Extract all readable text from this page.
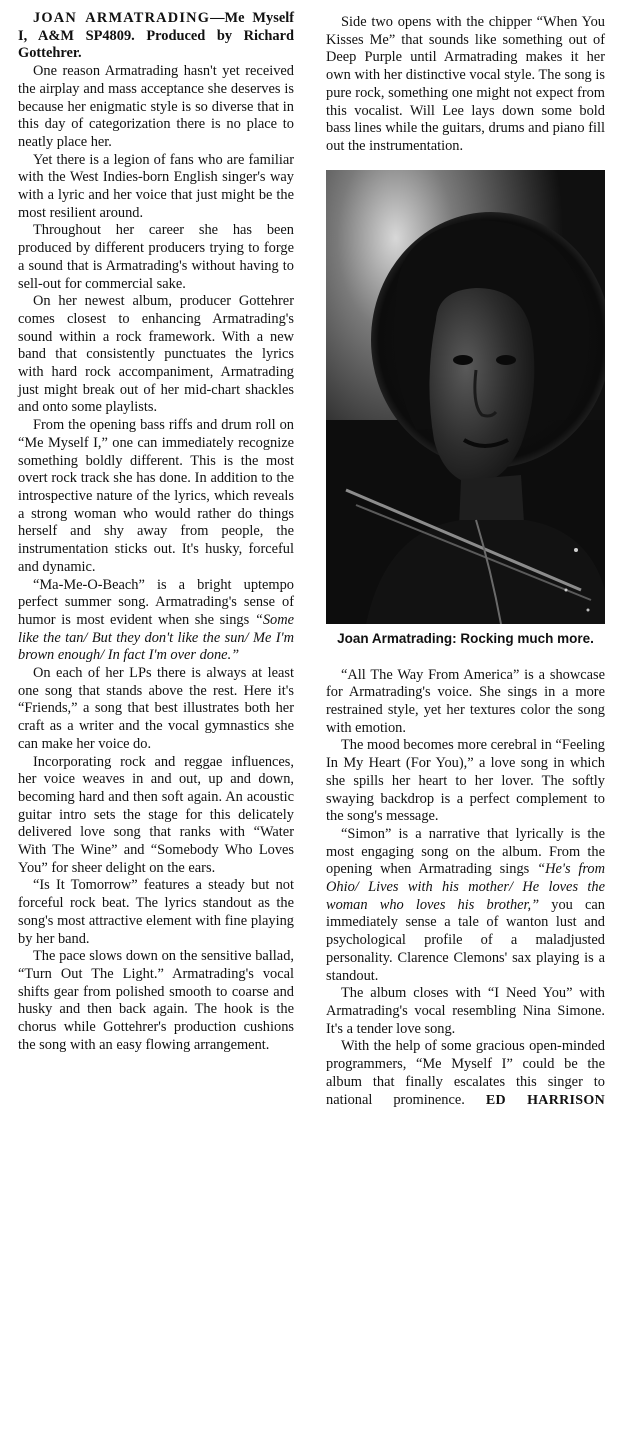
JOAN ARMATRADING—Me Myself I, A&M SP4809. Produced by Richard Gottehrer.

One reason Armatrading hasn't yet received the airplay and mass acceptance she deserves is because her enigmatic style is so diverse that in this day of categorization there is no place to neatly place her.

Yet there is a legion of fans who are familiar with the West Indies-born English singer's way with a lyric and her voice that just might be the most resilient around.

Throughout her career she has been produced by different producers trying to forge a sound that is Armatrading's without having to sell-out for commercial sake.

On her newest album, producer Gottehrer comes closest to enhancing Armatrading's sound within a rock framework. With a new band that consistently punctuates the lyrics with hard rock accompaniment, Armatrading just might break out of her mid-chart shackles and onto some playlists.

From the opening bass riffs and drum roll on “Me Myself I,” one can immediately recognize something boldly different. This is the most overt rock track she has done. In addition to the introspective nature of the lyrics, which reveals a strong woman who would rather do things herself and shy away from people, the instrumentation sticks out. It's husky, forceful and dynamic.

“Ma-Me-O-Beach” is a bright uptempo perfect summer song. Armatrading's sense of humor is most evident when she sings “Some like the tan/ But they don't like the sun/ Me I'm brown enough/ In fact I'm over done.”

On each of her LPs there is always at least one song that stands above the rest. Here it's “Friends,” a song that best illustrates both her craft as a writer and the vocal gymnastics she can make her voice do.

Incorporating rock and reggae influences, her voice weaves in and out, up and down, becoming hard and then soft again. An acoustic guitar intro sets the stage for this delicately delivered love song that ranks with “Water With The Wine” and “Somebody Who Loves You” for sheer delight on the ears.

“Is It Tomorrow” features a steady but not forceful rock beat. The lyrics standout as the song's most attractive element with fine playing by her band.

The pace slows down on the sensitive ballad, “Turn Out The Light.” Armatrading's vocal shifts gear from polished smooth to coarse and husky and then back again. The hook is the chorus while Gottehrer's production cushions the song with an easy flowing arrangement.

Side two opens with the chipper “When You Kisses Me” that sounds like something out of Deep Purple until Armatrading makes it her own with her distinctive vocal style. The song is pure rock, something one might not expect from this vocalist. Will Lee lays down some bold bass lines while the guitars, drums and piano fill out the instrumentation.

Joan Armatrading: Rocking much more.

“All The Way From America” is a showcase for Armatrading's voice. She sings in a more restrained style, yet her textures color the song with emotion.

The mood becomes more cerebral in “Feeling In My Heart (For You),” a love song in which she spills her heart to her lover. The softly swaying backdrop is a perfect complement to the song's message.

“Simon” is a narrative that lyrically is the most engaging song on the album. From the opening when Armatrading sings “He's from Ohio/ Lives with his mother/ He loves the woman who loves his brother,” you can immediately sense a tale of wanton lust and psychological profile of a maladjusted personality. Clarence Clemons' sax playing is a standout.

The album closes with “I Need You” with Armatrading's vocal resembling Nina Simone. It's a tender love song.

With the help of some gracious open-minded programmers, “Me Myself I” could be the album that finally escalates this singer to national prominence. ED HARRISON
